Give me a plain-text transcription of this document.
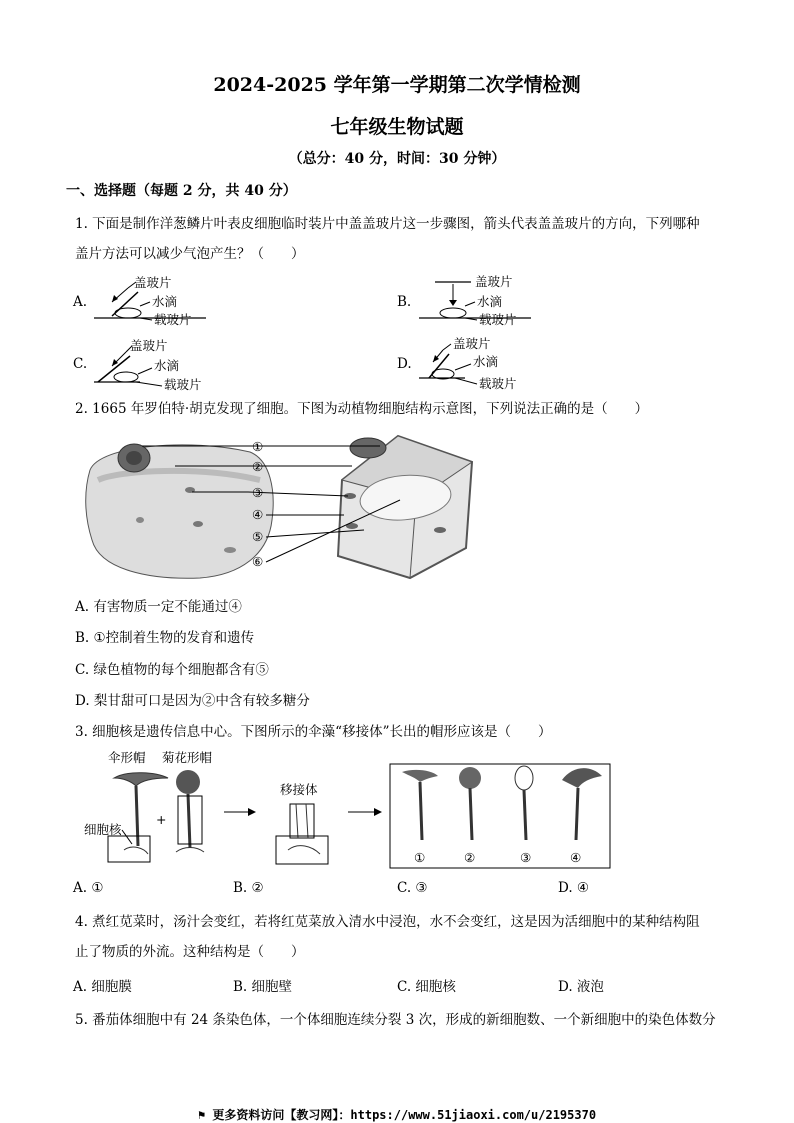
2024-2025 学年第一学期第二次学情检测
七年级生物试题
（总分：40 分，时间：30 分钟）
一、选择题（每题 2 分，共 40 分）
1. 下面是制作洋葱鳞片叶表皮细胞临时装片中盖盖玻片这一步骤图，箭头代表盖盖玻片的方向，下列哪种
盖片方法可以减少气泡产生？（　　）
A.	B.
C.	D.
盖玻片
水滴
载玻片
盖玻片
水滴
载玻片
盖玻片
水滴
载玻片
盖玻片
水滴
载玻片
2. 1665 年罗伯特·胡克发现了细胞。下图为动植物细胞结构示意图，下列说法正确的是（　　）
①
②
③
④
⑤
⑥
A. 有害物质一定不能通过④
B. ①控制着生物的发育和遗传
C. 绿色植物的每个细胞都含有⑤
D. 梨甘甜可口是因为②中含有较多糖分
3. 细胞核是遗传信息中心。下图所示的伞藻“移接体”长出的帽形应该是（　　）
伞形帽 菊花形帽
细胞核
+
移接体
①	②	③	④
A. ①	B. ②	C. ③	D. ④
4. 煮红苋菜时，汤汁会变红，若将红苋菜放入清水中浸泡，水不会变红，这是因为活细胞中的某种结构阻
止了物质的外流。这种结构是（　　）
A. 细胞膜	B. 细胞壁	C. 细胞核	D. 液泡
5. 番茄体细胞中有 24 条染色体，一个体细胞连续分裂 3 次，形成的新细胞数、一个新细胞中的染色体数分
⚑ 更多资料访问【教习网】：https://www.51jiaoxi.com/u/2195370
